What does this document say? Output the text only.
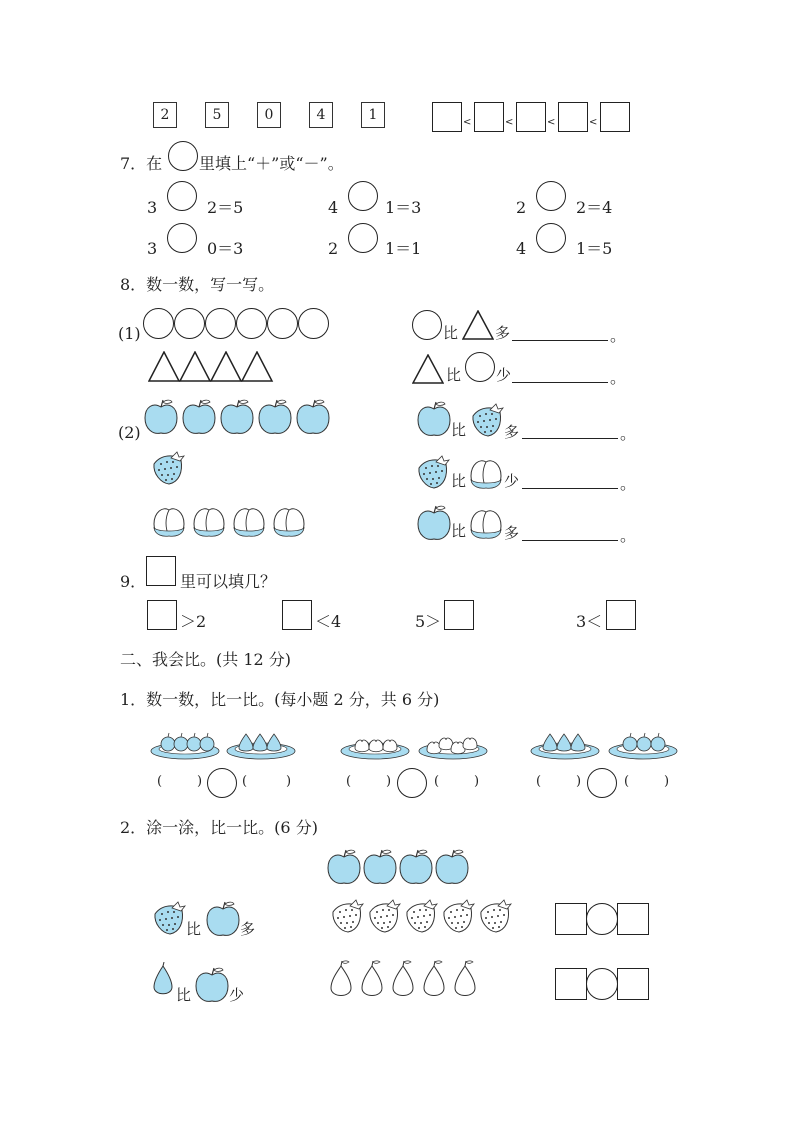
2	5	0	4	1	<	<	<	<
7．在 里填上“＋”或“－”。
3	2＝5	4	1＝3	2	2＝4
3	0＝3	2	1＝1	4	1＝5
8．数一数，写一写。
(1)	比 多	。
比 少	。
(2)	比	多	。
比	少	。
比	多	。
9． 里可以填几？
＞2	＜4	5＞	3＜
二、我会比。(共 12 分)
1．数一数，比一比。(每小题 2 分，共 6 分)
(	)	(	)	(	)	(	)	(	)	(	)
2．涂一涂，比一比。(6 分)
比	多
比	少
